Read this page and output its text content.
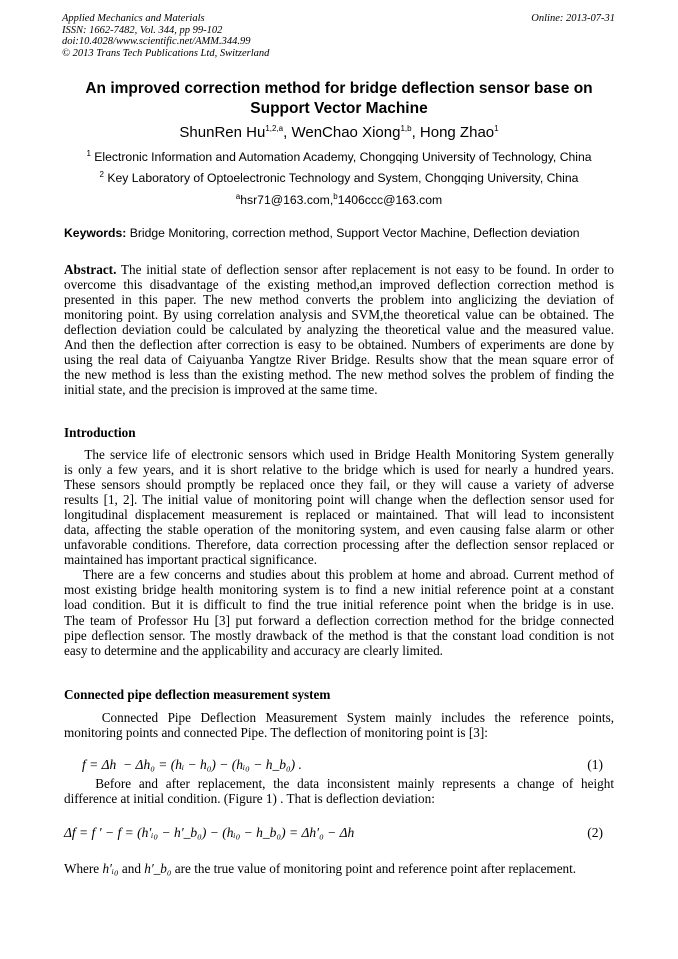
Applied Mechanics and Materials
ISSN: 1662-7482, Vol. 344, pp 99-102
doi:10.4028/www.scientific.net/AMM.344.99
© 2013 Trans Tech Publications Ltd, Switzerland
Online: 2013-07-31
An improved correction method for bridge deflection sensor base on
Support Vector Machine
ShunRen Hu$^{1,2,a}$, WenChao Xiong$^{1,b}$, Hong Zhao$^1$
$^1$ Electronic Information and Automation Academy, Chongqing University of Technology, China
$^2$ Key Laboratory of Optoelectronic Technology and System, Chongqing University, China
$^a$hsr71@163.com,$^b$1406ccc@163.com
Keywords: Bridge Monitoring, correction method, Support Vector Machine, Deflection deviation
Abstract. The initial state of deflection sensor after replacement is not easy to be found. In order to
overcome this disadvantage of the existing method,an improved deflection correction method is
presented in this paper. The new method converts the problem into anglicizing the deviation of
monitoring point. By using correlation analysis and SVM,the theoretical value can be obtained. The
deflection deviation could be calculated by analyzing the theoretical value and the measured value.
And then the deflection after correction is easy to be obtained. Numbers of experiments are done by
using the real data of Caiyuanba Yangtze River Bridge. Results show that the mean square error of
the new method is less than the existing method. The new method solves the problem of finding the
initial state, and the precision is improved at the same time.
Introduction
The service life of electronic sensors which used in Bridge Health Monitoring System generally
is only a few years, and it is short relative to the bridge which is used for nearly a hundred years.
These sensors should promptly be replaced once they fail, or they will cause a variety of adverse
results [1, 2]. The initial value of monitoring point will change when the deflection sensor used for
longitudinal displacement measurement is replaced or maintained. That will lead to inconsistent
data, affecting the stable operation of the monitoring system, and even causing false alarm or other
unfavorable conditions. Therefore, data correction processing after the deflection sensor replaced or
maintained has important practical significance.
There are a few concerns and studies about this problem at home and abroad. Current method of
most existing bridge health monitoring system is to find a new initial reference point at a constant
load condition. But it is difficult to find the true initial reference point when the bridge is in use.
The team of Professor Hu [3] put forward a deflection correction method for the bridge connected
pipe deflection sensor. The mostly drawback of the method is that the constant load condition is not
easy to determine and the applicability and accuracy are clearly limited.
Connected pipe deflection measurement system
Connected Pipe Deflection Measurement System mainly includes the reference points,
monitoring points and connected Pipe. The deflection of monitoring point is [3]:
f = Δh  − Δh₀ = (hᵢ − h₀) − (hᵢ₀ − h_b₀) .	(1)
Before and after replacement, the data inconsistent mainly represents a change of height
difference at initial condition. (Figure 1) . That is deflection deviation:
Δf = f ′ − f = (h′ᵢ₀ − h′_b₀) − (hᵢ₀ − h_b₀) = Δh′₀ − Δh	(2)
Where h′ᵢ₀ and h′_b₀ are the true value of monitoring point and reference point after replacement.
